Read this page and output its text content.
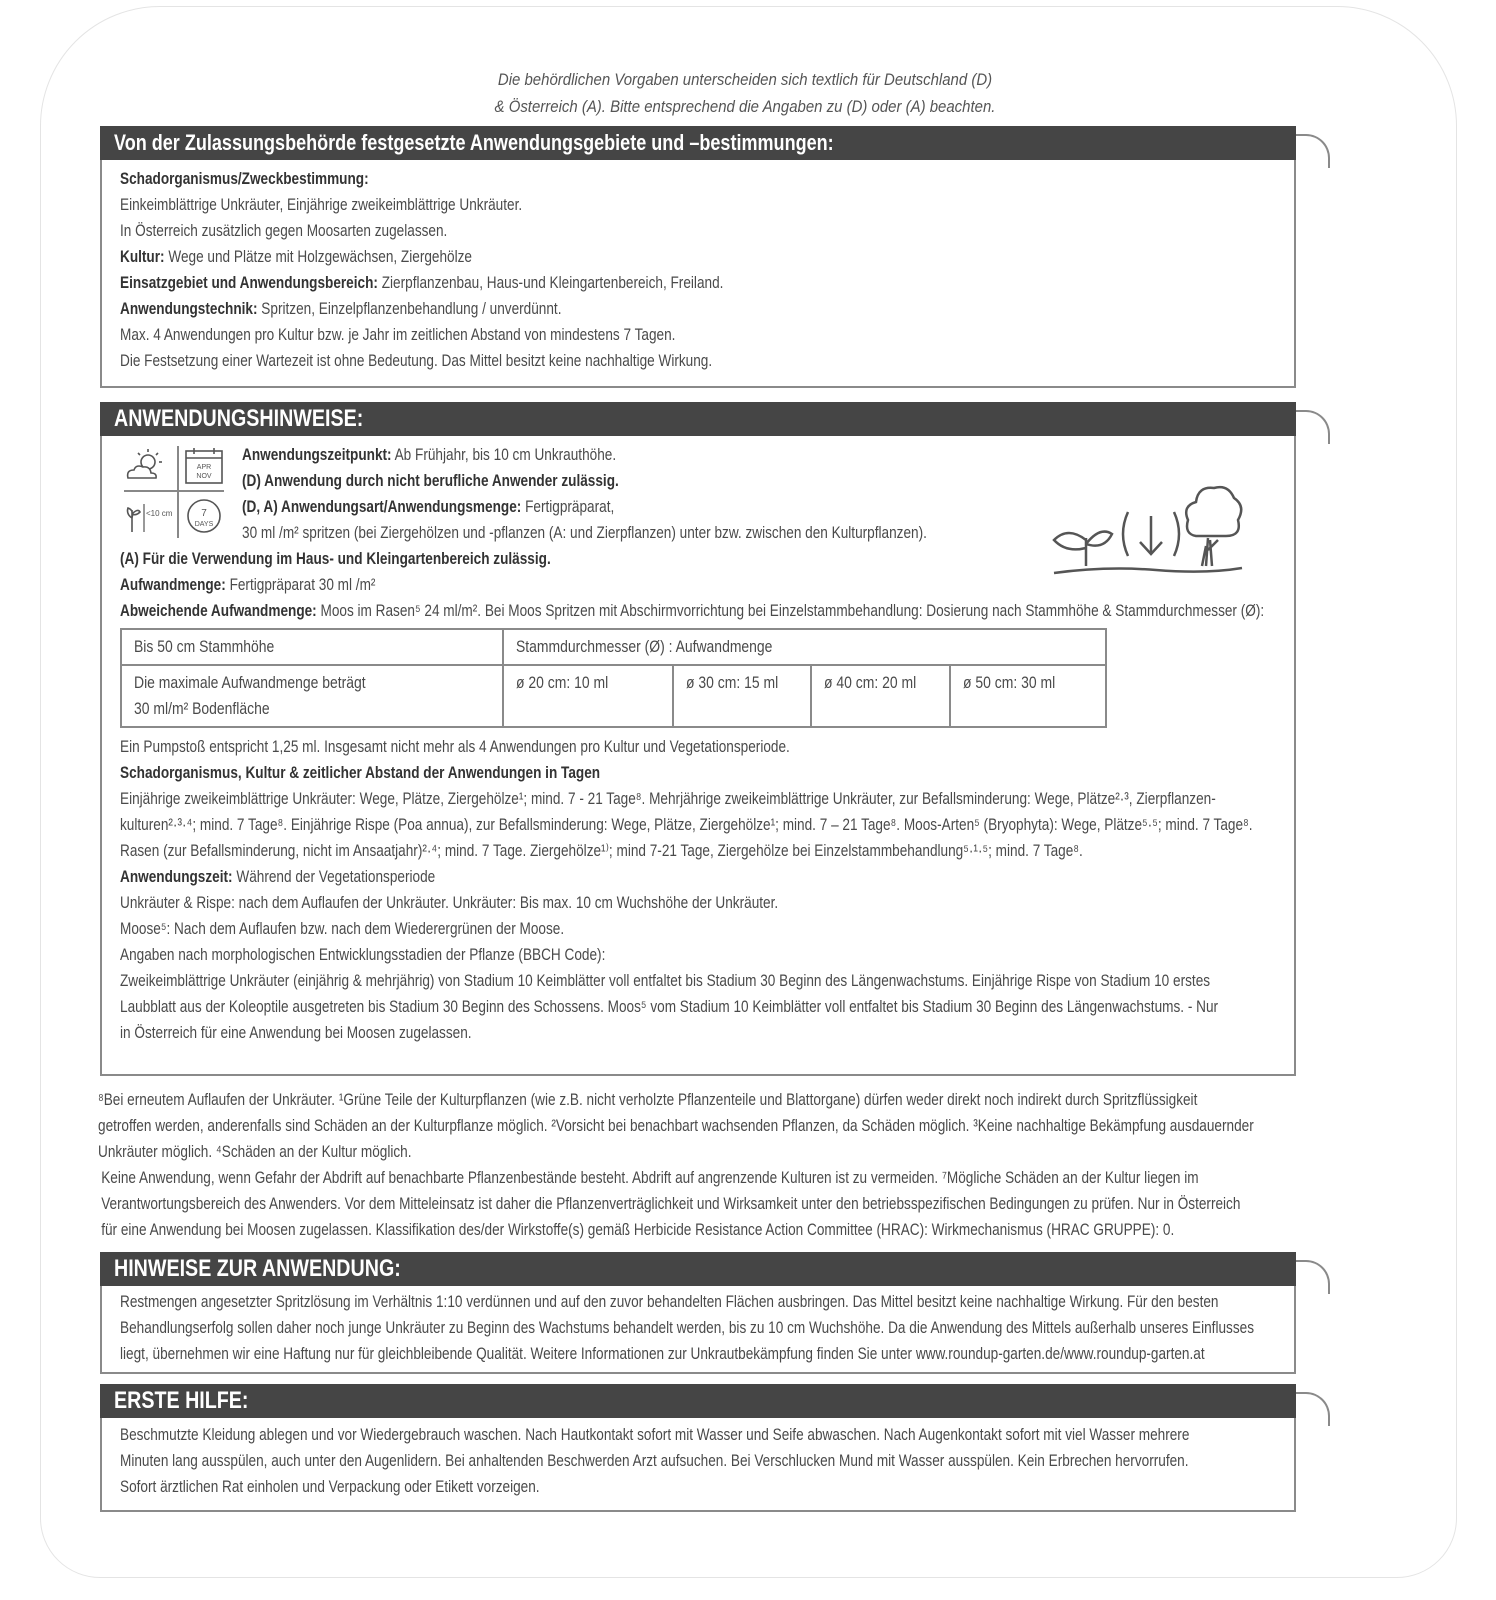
Die behördlichen Vorgaben unterscheiden sich textlich für Deutschland (D)
& Österreich (A). Bitte entsprechend die Angaben zu (D) oder (A) beachten.
Von der Zulassungsbehörde festgesetzte Anwendungsgebiete und –bestimmungen:
Schadorganismus/Zweckbestimmung:
Einkeimblättrige Unkräuter, Einjährige zweikeimblättrige Unkräuter.
In Österreich zusätzlich gegen Moosarten zugelassen.
Kultur: Wege und Plätze mit Holzgewächsen, Ziergehölze
Einsatzgebiet und Anwendungsbereich: Zierpflanzenbau, Haus-und Kleingartenbereich, Freiland.
Anwendungstechnik: Spritzen, Einzelpflanzenbehandlung / unverdünnt.
Max. 4 Anwendungen pro Kultur bzw. je Jahr im zeitlichen Abstand von mindestens 7 Tagen.
Die Festsetzung einer Wartezeit ist ohne Bedeutung. Das Mittel besitzt keine nachhaltige Wirkung.
ANWENDUNGSHINWEISE:
APR
NOV
<10 cm	7
DAYS
Anwendungszeitpunkt: Ab Frühjahr, bis 10 cm Unkrauthöhe.
(D) Anwendung durch nicht berufliche Anwender zulässig.
(D, A) Anwendungsart/Anwendungsmenge: Fertigpräparat,
30 ml /m² spritzen (bei Ziergehölzen und -pflanzen (A: und Zierpflanzen) unter bzw. zwischen den Kulturpflanzen).
(A) Für die Verwendung im Haus- und Kleingartenbereich zulässig.
Aufwandmenge: Fertigpräparat 30 ml /m²
Abweichende Aufwandmenge: Moos im Rasen⁵ 24 ml/m². Bei Moos Spritzen mit Abschirmvorrichtung bei Einzelstammbehandlung: Dosierung nach Stammhöhe & Stammdurchmesser (Ø):
Bis 50 cm Stammhöhe	Stammdurchmesser (Ø) : Aufwandmenge			
Die maximale Aufwandmenge beträgt
30 ml/m² Bodenfläche	ø 20 cm: 10 ml	ø 30 cm: 15 ml	ø 40 cm: 20 ml	ø 50 cm: 30 ml
Ein Pumpstoß entspricht 1,25 ml. Insgesamt nicht mehr als 4 Anwendungen pro Kultur und Vegetationsperiode.
Schadorganismus, Kultur & zeitlicher Abstand der Anwendungen in Tagen
Einjährige zweikeimblättrige Unkräuter: Wege, Plätze, Ziergehölze¹; mind. 7 - 21 Tage⁸. Mehrjährige zweikeimblättrige Unkräuter, zur Befallsminderung: Wege, Plätze²·³, Zierpflanzen-
kulturen²·³·⁴; mind. 7 Tage⁸. Einjährige Rispe (Poa annua), zur Befallsminderung: Wege, Plätze, Ziergehölze¹; mind. 7 – 21 Tage⁸. Moos-Arten⁵ (Bryophyta): Wege, Plätze⁵·⁵; mind. 7 Tage⁸.
Rasen (zur Befallsminderung, nicht im Ansaatjahr)²·⁴; mind. 7 Tage. Ziergehölze¹⁾; mind 7-21 Tage, Ziergehölze bei Einzelstammbehandlung⁵·¹·⁵; mind. 7 Tage⁸.
Anwendungszeit: Während der Vegetationsperiode
Unkräuter & Rispe: nach dem Auflaufen der Unkräuter. Unkräuter: Bis max. 10 cm Wuchshöhe der Unkräuter.
Moose⁵: Nach dem Auflaufen bzw. nach dem Wiederergrünen der Moose.
Angaben nach morphologischen Entwicklungsstadien der Pflanze (BBCH Code):
Zweikeimblättrige Unkräuter (einjährig & mehrjährig) von Stadium 10 Keimblätter voll entfaltet bis Stadium 30 Beginn des Längenwachstums. Einjährige Rispe von Stadium 10 erstes
Laubblatt aus der Koleoptile ausgetreten bis Stadium 30 Beginn des Schossens. Moos⁵ vom Stadium 10 Keimblätter voll entfaltet bis Stadium 30 Beginn des Längenwachstums. - Nur
in Österreich für eine Anwendung bei Moosen zugelassen.
⁸Bei erneutem Auflaufen der Unkräuter. ¹Grüne Teile der Kulturpflanzen (wie z.B. nicht verholzte Pflanzenteile und Blattorgane) dürfen weder direkt noch indirekt durch Spritzflüssigkeit
getroffen werden, anderenfalls sind Schäden an der Kulturpflanze möglich. ²Vorsicht bei benachbart wachsenden Pflanzen, da Schäden möglich. ³Keine nachhaltige Bekämpfung ausdauernder
Unkräuter möglich. ⁴Schäden an der Kultur möglich.
Keine Anwendung, wenn Gefahr der Abdrift auf benachbarte Pflanzenbestände besteht. Abdrift auf angrenzende Kulturen ist zu vermeiden. ⁷Mögliche Schäden an der Kultur liegen im
Verantwortungsbereich des Anwenders. Vor dem Mitteleinsatz ist daher die Pflanzenverträglichkeit und Wirksamkeit unter den betriebsspezifischen Bedingungen zu prüfen. Nur in Österreich
für eine Anwendung bei Moosen zugelassen. Klassifikation des/der Wirkstoffe(s) gemäß Herbicide Resistance Action Committee (HRAC): Wirkmechanismus (HRAC GRUPPE): 0.
HINWEISE ZUR ANWENDUNG:
Restmengen angesetzter Spritzlösung im Verhältnis 1:10 verdünnen und auf den zuvor behandelten Flächen ausbringen. Das Mittel besitzt keine nachhaltige Wirkung. Für den besten
Behandlungserfolg sollen daher noch junge Unkräuter zu Beginn des Wachstums behandelt werden, bis zu 10 cm Wuchshöhe. Da die Anwendung des Mittels außerhalb unseres Einflusses
liegt, übernehmen wir eine Haftung nur für gleichbleibende Qualität. Weitere Informationen zur Unkrautbekämpfung finden Sie unter www.roundup-garten.de/www.roundup-garten.at
ERSTE HILFE:
Beschmutzte Kleidung ablegen und vor Wiedergebrauch waschen. Nach Hautkontakt sofort mit Wasser und Seife abwaschen. Nach Augenkontakt sofort mit viel Wasser mehrere
Minuten lang ausspülen, auch unter den Augenlidern. Bei anhaltenden Beschwerden Arzt aufsuchen. Bei Verschlucken Mund mit Wasser ausspülen. Kein Erbrechen hervorrufen.
Sofort ärztlichen Rat einholen und Verpackung oder Etikett vorzeigen.
